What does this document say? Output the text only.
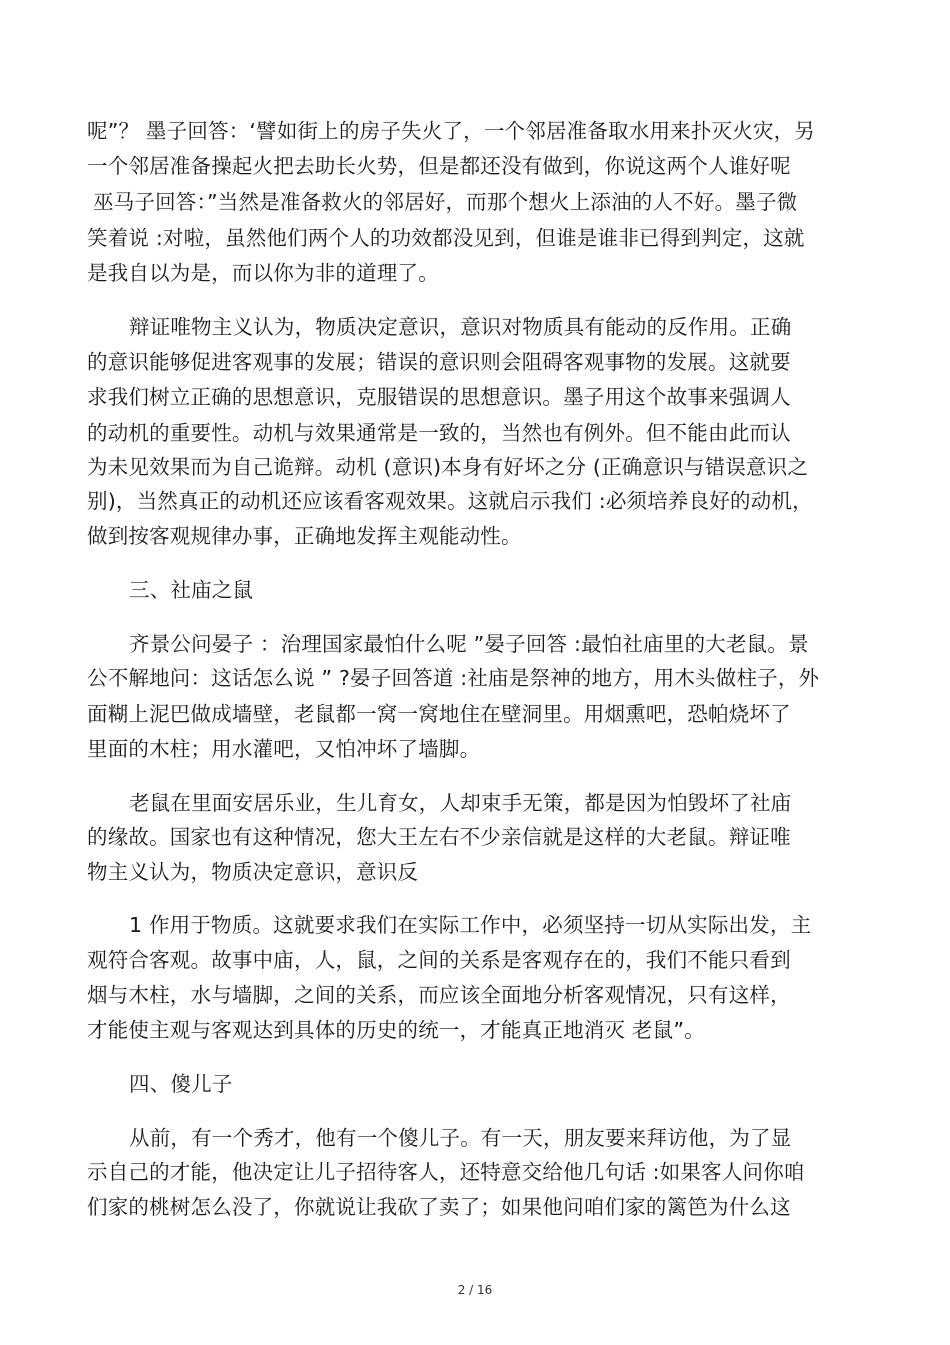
呢”？ 墨子回答：‘譬如街上的房子失火了，一个邻居准备取水用来扑灭火灾，另
一个邻居准备操起火把去助长火势，但是都还没有做到，你说这两个人谁好呢
巫马子回答：”当然是准备救火的邻居好，而那个想火上添油的人不好。墨子微
笑着说 :对啦，虽然他们两个人的功效都没见到，但谁是谁非已得到判定，这就
是我自以为是，而以你为非的道理了。
辩证唯物主义认为，物质决定意识，意识对物质具有能动的反作用。正确
的意识能够促进客观事的发展；错误的意识则会阻碍客观事物的发展。这就要
求我们树立正确的思想意识，克服错误的思想意识。墨子用这个故事来强调人
的动机的重要性。动机与效果通常是一致的，当然也有例外。但不能由此而认
为未见效果而为自己诡辩。动机 (意识)本身有好坏之分 (正确意识与错误意识之
别)，当然真正的动机还应该看客观效果。这就启示我们 :必须培养良好的动机，
做到按客观规律办事，正确地发挥主观能动性。
三、社庙之鼠
齐景公问晏子 ：治理国家最怕什么呢 ”晏子回答 :最怕社庙里的大老鼠。景
公不解地问：这话怎么说 ” ?晏子回答道 :社庙是祭神的地方，用木头做柱子，外
面糊上泥巴做成墙壁，老鼠都一窝一窝地住在壁洞里。用烟熏吧，恐帕烧坏了
里面的木柱；用水灌吧，又怕冲坏了墙脚。
老鼠在里面安居乐业，生儿育女，人却束手无策，都是因为怕毁坏了社庙
的缘故。国家也有这种情况，您大王左右不少亲信就是这样的大老鼠。辩证唯
物主义认为，物质决定意识，意识反
1 作用于物质。这就要求我们在实际工作中，必须坚持一切从实际出发，主
观符合客观。故事中庙，人，鼠，之间的关系是客观存在的，我们不能只看到
烟与木柱，水与墙脚，之间的关系，而应该全面地分析客观情况，只有这样，
才能使主观与客观达到具体的历史的统一，才能真正地消灭 老鼠”。
四、傻儿子
从前，有一个秀才，他有一个傻儿子。有一天，朋友要来拜访他，为了显
示自己的才能，他决定让儿子招待客人，还特意交给他几句话 :如果客人问你咱
们家的桃树怎么没了，你就说让我砍了卖了；如果他问咱们家的篱笆为什么这
2 / 16
